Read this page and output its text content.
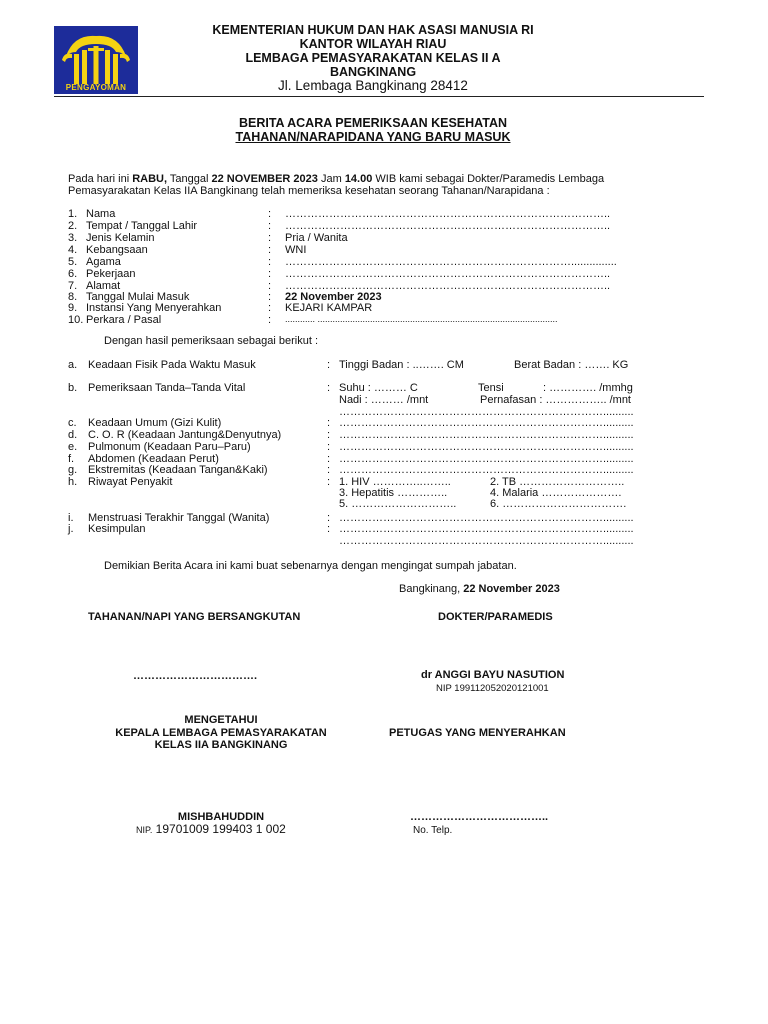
PENGAYOMAN
KEMENTERIAN HUKUM DAN HAK ASASI MANUSIA RI
KANTOR WILAYAH RIAU
LEMBAGA PEMASYARAKATAN KELAS II A
BANGKINANG
Jl. Lembaga Bangkinang 28412
BERITA ACARA PEMERIKSAAN KESEHATAN
TAHANAN/NARAPIDANA YANG BARU MASUK
Pada hari ini RABU, Tanggal 22 NOVEMBER 2023 Jam 14.00 WIB kami sebagai Dokter/Paramedis Lembaga
Pemasyarakatan Kelas IIA Bangkinang telah memeriksa kesehatan seorang Tahanan/Narapidana :
1. Nama	: ……………………………………………………………………………..
2. Tempat / Tanggal Lahir	: ……………………………………………………………………………..
3. Jenis Kelamin	: Pria / Wanita
4. Kebangsaan	: WNI
5. Agama	: ……………………………………………………………………...............
6. Pekerjaan	: ……………………………………………………………………………..
7. Alamat	: ……………………………………………………………………………..
8. Tanggal Mulai Masuk	: 22 November 2023
9. Instansi Yang Menyerahkan	: KEJARI KAMPAR
10. Perkara / Pasal	: ............ ................................................................................................
Dengan hasil pemeriksaan sebagai berikut :
a. Keadaan Fisik Pada Waktu Masuk	: Tinggi Badan : ..……. CM	Berat Badan : ……. KG
b. Pemeriksaan Tanda–Tanda Vital	: Suhu : ……… C	Tensi	: …………. /mmhg
Nadi : ……… /mnt	Pernafasan : …………….. /mnt
………………………………………………………………..........
c. Keadaan Umum (Gizi Kulit)	: ………………………………………………………………..........
d. C. O. R (Keadaan Jantung&Denyutnya)	: ………………………………………………………………..........
e. Pulmonum (Keadaan Paru–Paru)	: ………………………………………………………………..........
f. Abdomen (Keadaan Perut)	: ………………………………………………………………..........
g. Ekstremitas (Keadaan Tangan&Kaki)	: ………………………………………………………………..........
h. Riwayat Penyakit	: 1. HIV …………..……..	2. TB ………………………..
3. Hepatitis …………..	4. Malaria ………………….
5. ………………………..	6. …………………………….
i. Menstruasi Terakhir Tanggal (Wanita)	: ………………………………………………………………..........
j. Kesimpulan	: ………………………………………………………………..........
………………………………………………………………..........
Demikian Berita Acara ini kami buat sebenarnya dengan mengingat sumpah jabatan.
Bangkinang, 22 November 2023
TAHANAN/NAPI YANG BERSANGKUTAN	DOKTER/PARAMEDIS
…………………………….	dr ANGGI BAYU NASUTION
NIP 199112052020121001
MENGETAHUI
KEPALA LEMBAGA PEMASYARAKATAN
KELAS IIA BANGKINANG
PETUGAS YANG MENYERAHKAN
MISHBAHUDDIN
NIP. 19701009 199403 1 002
………………………………..
No. Telp.
